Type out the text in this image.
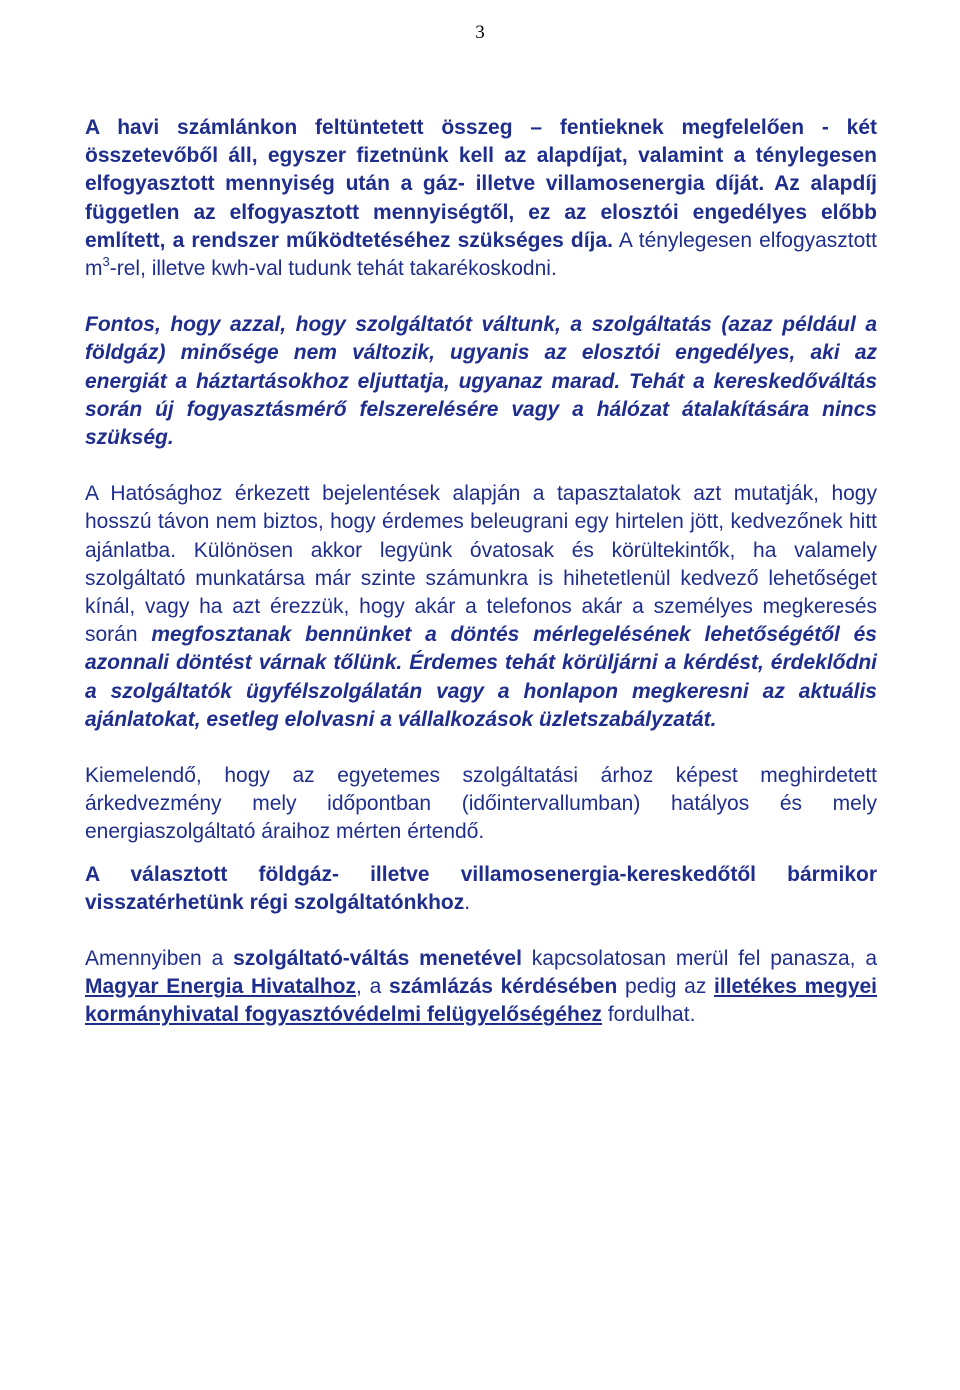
3

A havi számlánkon feltüntetett összeg – fentieknek megfelelően - két összetevőből áll, egyszer fizetnünk kell az alapdíjat, valamint a ténylegesen elfogyasztott mennyiség után a gáz- illetve villamosenergia díját. Az alapdíj független az elfogyasztott mennyiségtől, ez az elosztói engedélyes előbb említett, a rendszer működtetéséhez szükséges díja. A ténylegesen elfogyasztott $m^3$-rel, illetve kwh-val tudunk tehát takarékoskodni.

Fontos, hogy azzal, hogy szolgáltatót váltunk, a szolgáltatás (azaz például a földgáz) minősége nem változik, ugyanis az elosztói engedélyes, aki az energiát a háztartásokhoz eljuttatja, ugyanaz marad. Tehát a kereskedőváltás során új fogyasztásmérő felszerelésére vagy a hálózat átalakítására nincs szükség.

A Hatósághoz érkezett bejelentések alapján a tapasztalatok azt mutatják, hogy hosszú távon nem biztos, hogy érdemes beleugrani egy hirtelen jött, kedvezőnek hitt ajánlatba. Különösen akkor legyünk óvatosak és körültekintők, ha valamely szolgáltató munkatársa már szinte számunkra is hihetetlenül kedvező lehetőséget kínál, vagy ha azt érezzük, hogy akár a telefonos akár a személyes megkeresés során megfosztanak bennünket a döntés mérlegelésének lehetőségétől és azonnali döntést várnak tőlünk. Érdemes tehát körüljárni a kérdést, érdeklődni a szolgáltatók ügyfélszolgálatán vagy a honlapon megkeresni az aktuális ajánlatokat, esetleg elolvasni a vállalkozások üzletszabályzatát.

Kiemelendő, hogy az egyetemes szolgáltatási árhoz képest meghirdetett árkedvezmény mely időpontban (időintervallumban) hatályos és mely energiaszolgáltató áraihoz mérten értendő.

A választott földgáz- illetve villamosenergia-kereskedőtől bármikor visszatérhetünk régi szolgáltatónkhoz.

Amennyiben a szolgáltató-váltás menetével kapcsolatosan merül fel panasza, a Magyar Energia Hivatalhoz, a számlázás kérdésében pedig az illetékes megyei kormányhivatal fogyasztóvédelmi felügyelőségéhez fordulhat.
